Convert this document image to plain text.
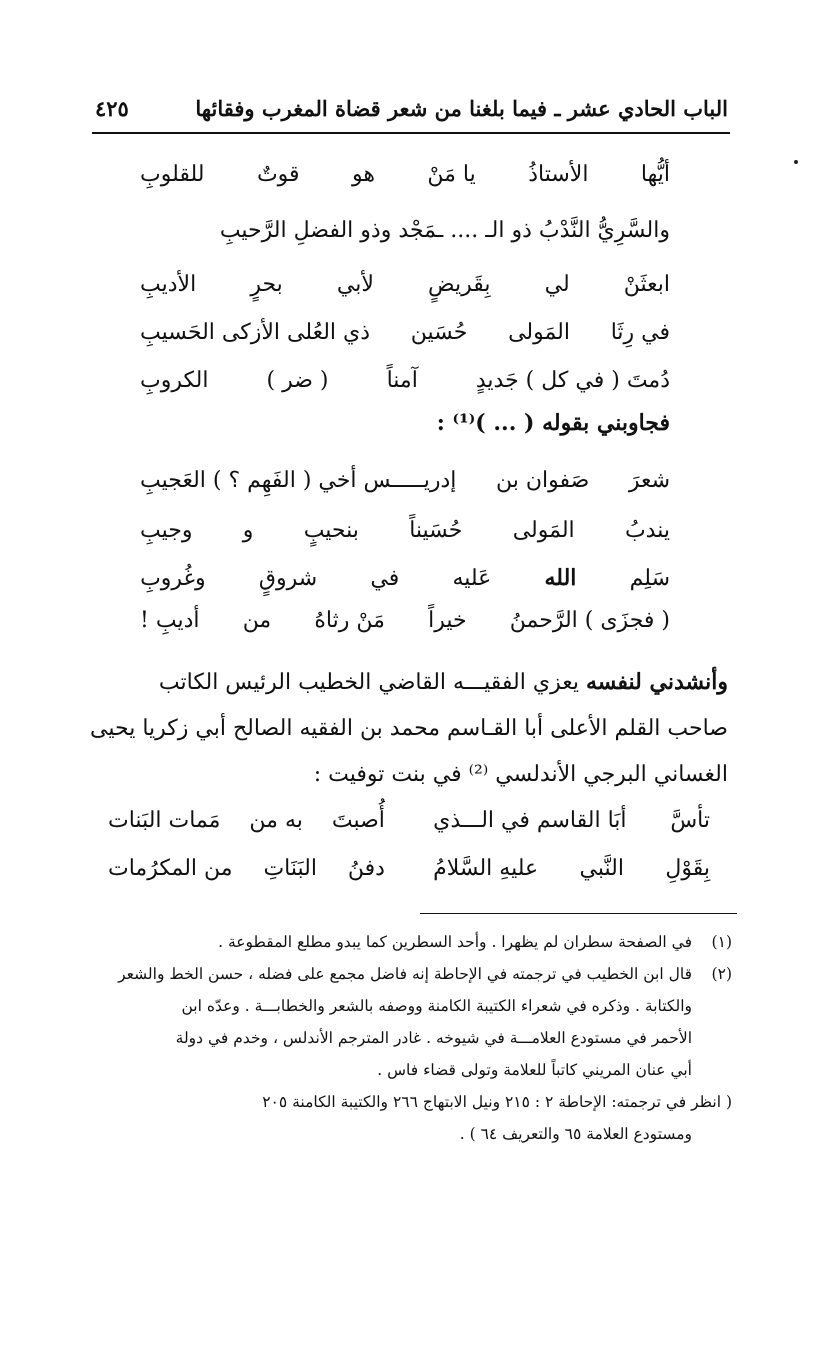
الباب الحادي عشر ـ فيما بلغنا من شعر قضاة المغرب وفقائها
٤٢٥
أيُّها
الأستاذُ
يا مَنْ
هو
قوتٌ
للقلوبِ
والسَّرِيُّ النَّدْبُ ذو الـ .... ـمَجْد وذو الفضلِ الرَّحيبِ
ابعثَنْ
لي
بِقَريضٍ
لأبي
بحرٍ
الأديبِ
في رِثَا
المَولى
حُسَين
ذي العُلى الأزكى الحَسيبِ
دُمتَ ( في كل ) جَديدٍ
آمناً
( ضر )
الكروبِ
فجاوبني بقوله ( ... )⁽¹⁾ :
شعرَ
صَفوان بن
إدريـــــس أخي ( الفَهِم ؟ ) العَجيبِ
يندبُ
المَولى
حُسَيناً
بنحيبٍ
و
وجيبِ
سَلِم
الله
عَليه
في
شروقٍ
وغُروبِ
( فجزَى ) الرَّحمنُ
خيراً
مَنْ رثاهُ
من
أديبِ !
وأنشدني لنفسه يعزي الفقيـــه القاضي الخطيب الرئيس الكاتب
صاحب القلم الأعلى أبا القـاسم محمد بن الفقيه الصالح أبي زكريا يحيى
الغساني البرجي الأندلسي ⁽²⁾ في بنت توفيت :
تأسَّ
أبَا القاسم في الـــذي
أُصبتَ
به من
مَمات البَنات
بِقَوْلِ
النَّبي
عليهِ السَّلامُ
دفنُ
البَنَاتِ
من المكرُمات
(١)في الصفحة سطران لم يظهرا . وأحد السطرين كما يبدو مطلع المقطوعة .
(٢)قال ابن الخطيب في ترجمته في الإحاطة إنه فاضل مجمع على فضله ، حسن الخط والشعر
والكتابة . وذكره في شعراء الكتيبة الكامنة ووصفه بالشعر والخطابـــة . وعدّه ابن
الأحمر في مستودع العلامـــة في شيوخه . غادر المترجم الأندلس ، وخدم في دولة
أبي عنان المريني كاتباً للعلامة وتولى قضاء فاس .
( انظر في ترجمته: الإحاطة ٢ : ٢١٥ ونيل الابتهاج ٢٦٦ والكتيبة الكامنة ٢٠٥
ومستودع العلامة ٦٥ والتعريف ٦٤ ) .
